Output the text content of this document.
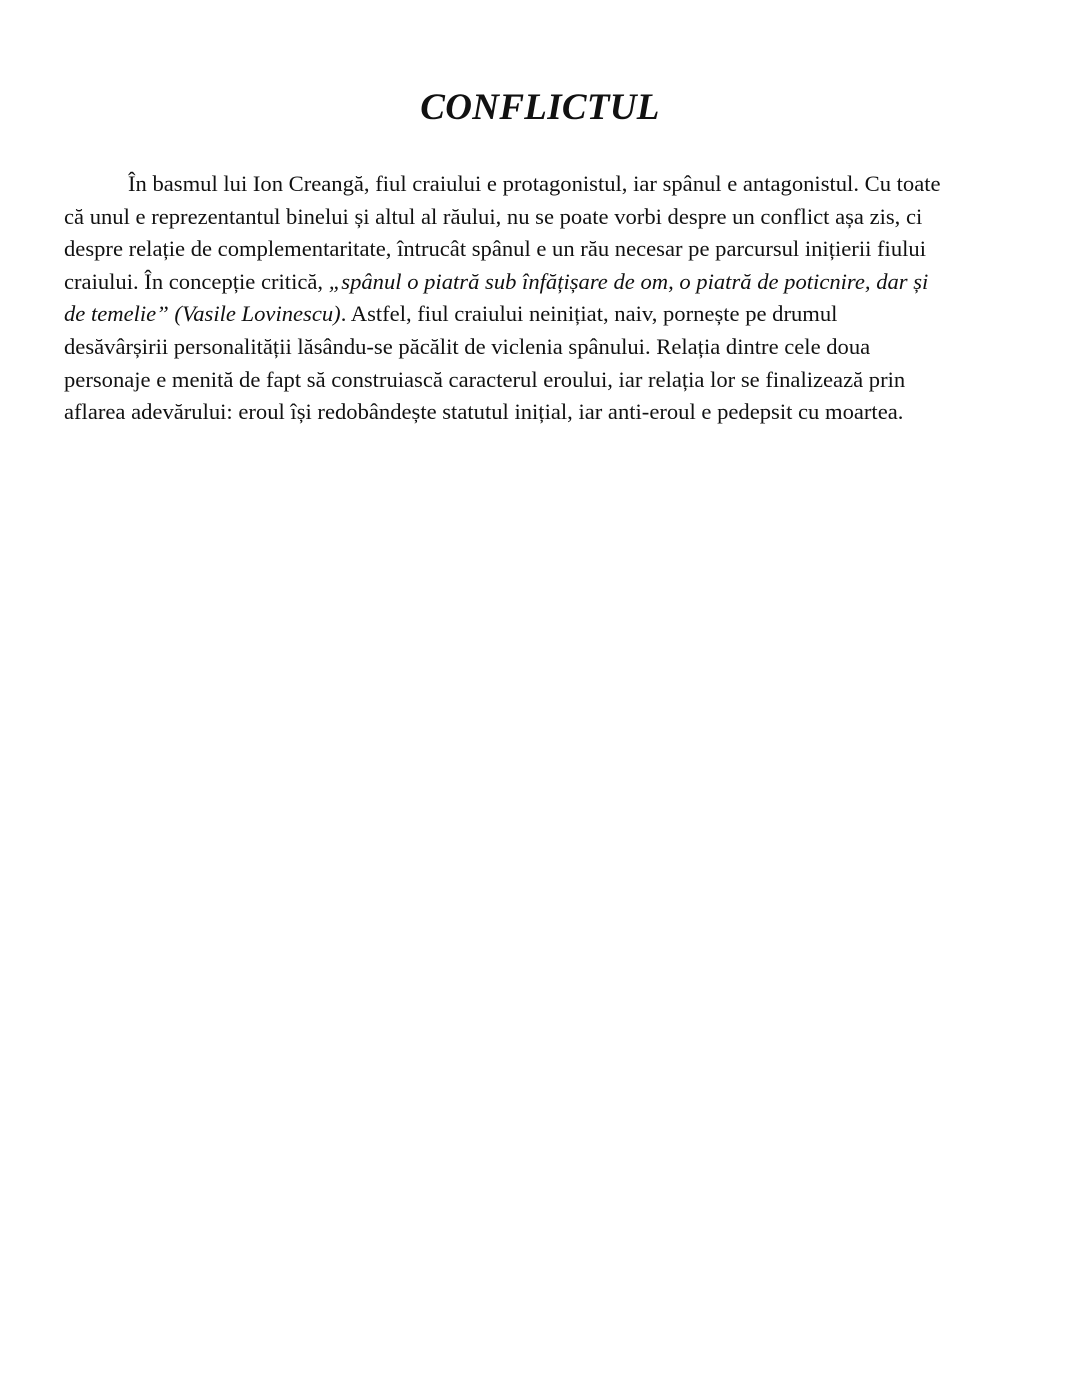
CONFLICTUL
În basmul lui Ion Creangă, fiul craiului e protagonistul, iar spânul e antagonistul. Cu toate
că unul e reprezentantul binelui și altul al răului, nu se poate vorbi despre un conflict așa zis, ci
despre relație de complementaritate, întrucât spânul e un rău necesar pe parcursul inițierii fiului
craiului. În concepție critică, „spânul o piatră sub înfățișare de om, o piatră de poticnire, dar și
de temelie” (Vasile Lovinescu). Astfel, fiul craiului neinițiat, naiv, pornește pe drumul
desăvârșirii personalității lăsându-se păcălit de viclenia spânului. Relația dintre cele doua
personaje e menită de fapt să construiască caracterul eroului, iar relația lor se finalizează prin
aflarea adevărului: eroul își redobândește statutul inițial, iar anti-eroul e pedepsit cu moartea.
